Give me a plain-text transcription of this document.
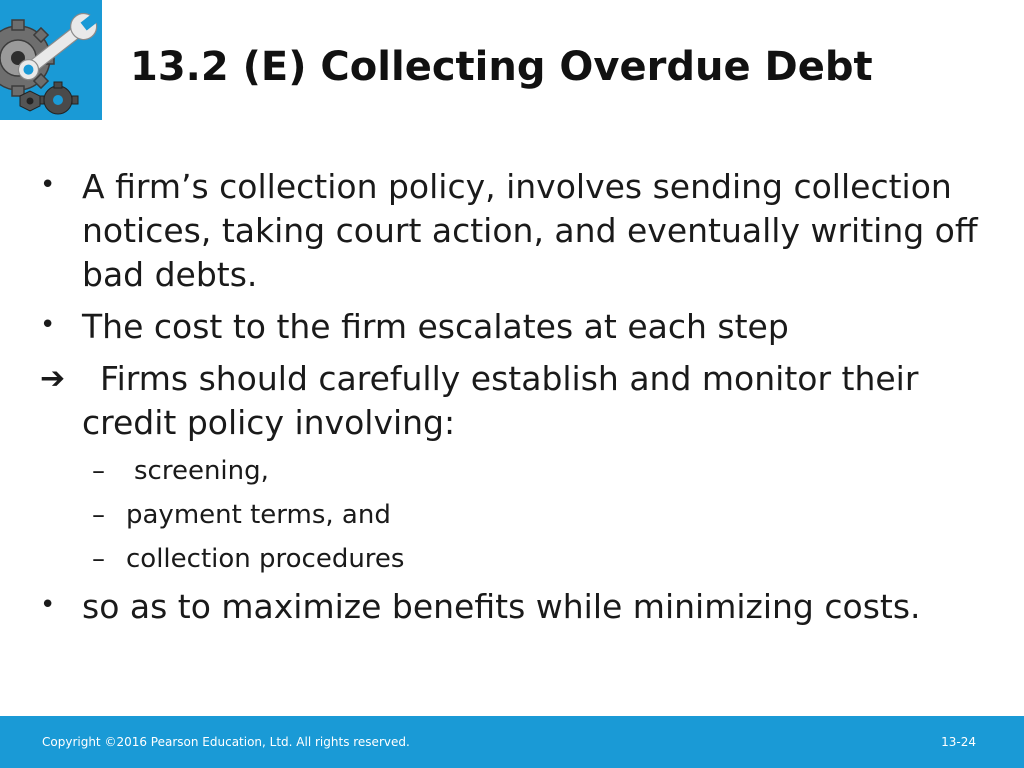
13.2 (E) Collecting Overdue Debt
• A firm’s collection policy, involves sending collection notices, taking court action, and eventually writing off bad debts.
• The cost to the firm escalates at each step
➔	Firms should carefully establish and monitor their credit policy involving:
–	screening,
– payment terms, and
– collection procedures
• so as to maximize benefits while minimizing costs.
Copyright ©2016 Pearson Education, Ltd. All rights reserved.	13-24
